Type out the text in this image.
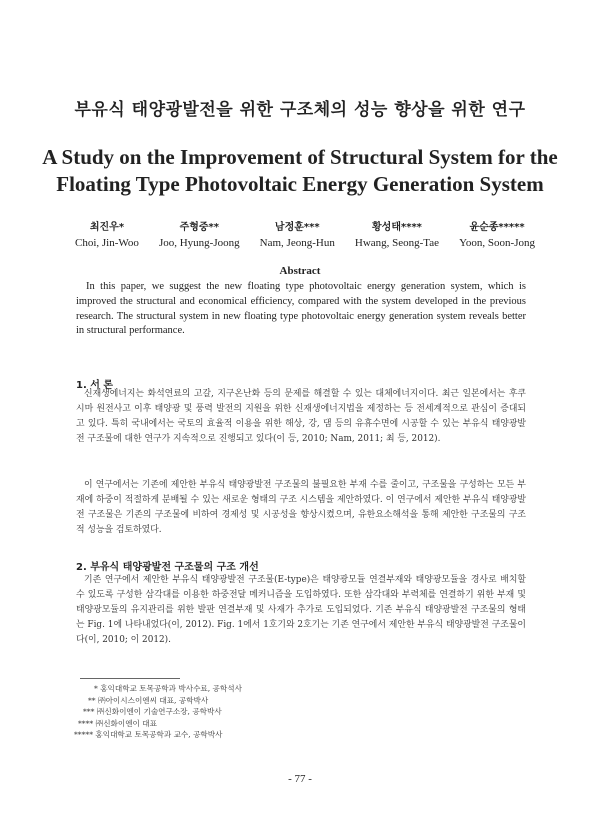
부유식 태양광발전을 위한 구조체의 성능 향상을 위한 연구
A Study on the Improvement of Structural System for the Floating Type Photovoltaic Energy Generation System
최진우*
Choi, Jin-Woo
주형중**
Joo, Hyung-Joong
남정훈***
Nam, Jeong-Hun
황성태****
Hwang, Seong-Tae
윤순종*****
Yoon, Soon-Jong
Abstract
In this paper, we suggest the new floating type photovoltaic energy generation system, which is improved the structural and economical efficiency, compared with the system developed in the previous research. The structural system in new floating type photovoltaic energy generation system reveals better in structural performance.
1. 서 론
신재생에너지는 화석연료의 고갈, 지구온난화 등의 문제를 해결할 수 있는 대체에너지이다. 최근 일본에서는 후쿠시마 원전사고 이후 태양광 및 풍력 발전의 지원을 위한 신재생에너지법을 제정하는 등 전세계적으로 관심이 증대되고 있다. 특히 국내에서는 국토의 효율적 이용을 위한 해상, 강, 댐 등의 유휴수면에 시공할 수 있는 부유식 태양광발전 구조물에 대한 연구가 지속적으로 진행되고 있다(이 등, 2010; Nam, 2011; 최 등, 2012).
이 연구에서는 기존에 제안한 부유식 태양광발전 구조물의 불필요한 부재 수를 줄이고, 구조물을 구성하는 모든 부재에 하중이 적절하게 분배될 수 있는 새로운 형태의 구조 시스템을 제안하였다. 이 연구에서 제안한 부유식 태양광발전 구조물은 기존의 구조물에 비하여 경제성 및 시공성을 향상시켰으며, 유한요소해석을 통해 제안한 구조물의 구조적 성능을 검토하였다.
2. 부유식 태양광발전 구조물의 구조 개선
기존 연구에서 제안한 부유식 태양광발전 구조물(E-type)은 태양광모듈 연결부재와 태양광모듈을 경사로 배치할 수 있도록 구성한 삼각대를 이용한 하중전달 메커니즘을 도입하였다. 또한 삼각대와 부력체를 연결하기 위한 부재 및 태양광모듈의 유지관리를 위한 발판 연결부재 및 사재가 추가로 도입되었다. 기존 부유식 태양광발전 구조물의 형태는 Fig. 1에 나타내었다(이, 2012). Fig. 1에서 1호기와 2호기는 기존 연구에서 제안한 부유식 태양광발전 구조물이다(이, 2010; 이 2012).
* 홍익대학교 토목공학과 박사수료, 공학석사
** ㈜아이시스이엔씨 대표, 공학박사
*** ㈜신화이엔이 기술연구소장, 공학박사
**** ㈜신화이엔이 대표
***** 홍익대학교 토목공학과 교수, 공학박사
- 77 -
